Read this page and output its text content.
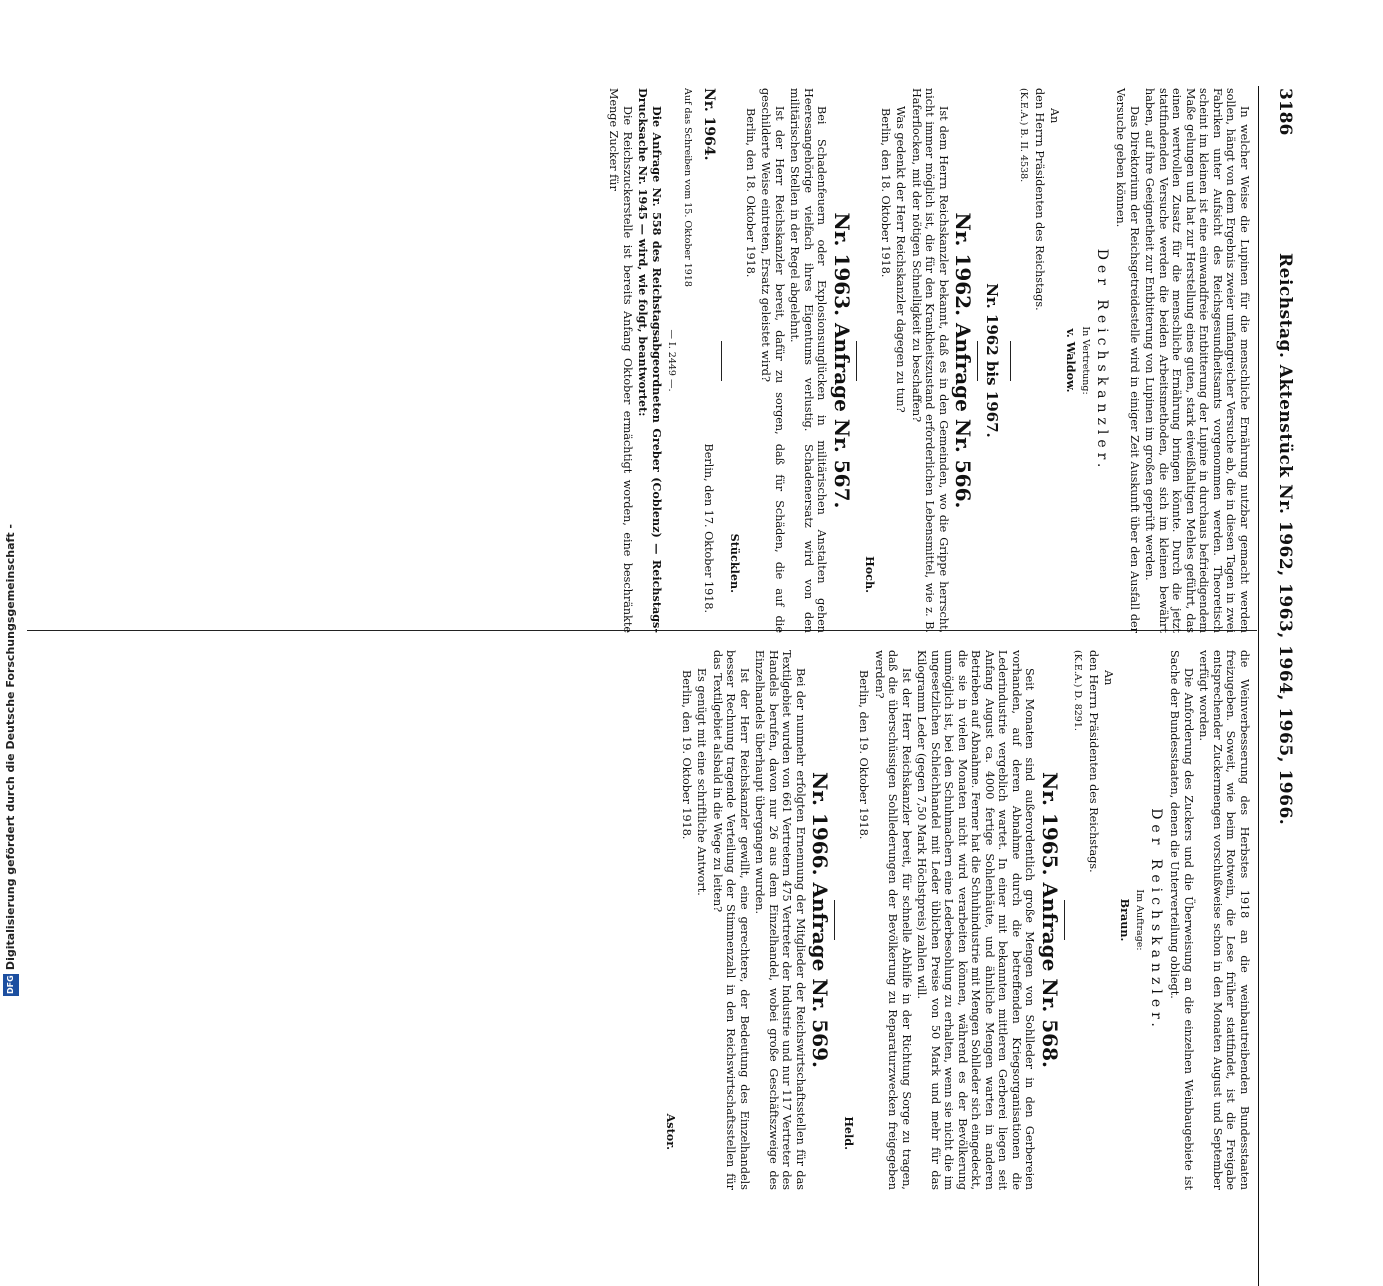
Digitalisierung gefördert durch die Deutsche Forschungsgemeinschaft -
DFG
3186
Reichstag. Aktenstück Nr. 1962, 1963, 1964, 1965, 1966.

In welcher Weise die Lupinen für die menschliche Ernährung nutzbar gemacht werden sollen, hängt von dem Ergebnis zweier umfangreicher Versuche ab, die in diesen Tagen in zwei Fabriken unter Aufsicht des Reichsgesundheitsamts vorgenommen werden. Theoretisch scheint im kleinen ist eine einwandfreie Entbitterung der Lupine in durchaus befriedigendem Maße gelungen und hat zur Herstellung eines guten, stark eiweißhaltigen Mehles geführt, das einen wertvollen Zusatz für die menschliche Ernährung bringen könnte. Durch die jetzt stattfindenden Versuche werden die beiden Arbeitsmethoden, die sich im kleinen bewährt haben, auf ihre Geeignetheit zur Entbitterung von Lupinen im großen geprüft werden.

Das Direktorium der Reichsgetreidestelle wird in einiger Zeit Auskunft über den Ausfall der Versuche geben können.

Der Reichskanzler.

In Vertretung:

v. Waldow.

An

den Herrn Präsidenten des Reichstags.

(K.E.A.) B. II. 4538.

Nr. 1962 bis 1967.
Nr. 1962. Anfrage Nr. 566.

Ist dem Herrn Reichskanzler bekannt, daß es in den Gemeinden, wo die Grippe herrscht, nicht immer möglich ist, die für den Krankheitszustand erforderlichen Lebensmittel, wie z. B. Haferflocken, mit der nötigen Schnelligkeit zu beschaffen?

Was gedenkt der Herr Reichskanzler dagegen zu tun?

Berlin, den 18. Oktober 1918.

Hoch.

Nr. 1963. Anfrage Nr. 567.

Bei Schadenfeuern oder Explosionsunglücken in militärischen Anstalten gehen Heeresangehörige vielfach ihres Eigentums verlustig. Schadenersatz wird von den militärischen Stellen in der Regel abgelehnt.

Ist der Herr Reichskanzler bereit, dafür zu sorgen, daß für Schäden, die auf die geschilderte Weise eintreten, Ersatz geleistet wird?

Berlin, den 18. Oktober 1918.

Stücklen.

Nr. 1964.
Berlin, den 17. Oktober 1918.

Auf das Schreiben vom 15. Oktober 1918

— I. 2449 —.

Die Anfrage Nr. 558 des Reichstagsabgeordneten Greber (Coblenz) — Reichstags-Drucksache Nr. 1945 — wird, wie folgt, beantwortet:

Die Reichszuckerstelle ist bereits Anfang Oktober ermächtigt worden, eine beschränkte Menge Zucker für

die Weinverbesserung des Herbstes 1918 an die weinbautreibenden Bundesstaaten freizugeben. Soweit, wie beim Rotwein, die Lese früher stattfindet, ist die Freigabe entsprechender Zuckermengen vorschußweise schon in den Monaten August und September verfügt worden.

Die Anforderung des Zuckers und die Überweisung an die einzelnen Weinbaugebiete ist Sache der Bundesstaaten, denen die Unterverteilung obliegt.

Der Reichskanzler.

Im Auftrage:

Braun.

An

den Herrn Präsidenten des Reichstags.

(K.E.A.) D. 8291.

Nr. 1965. Anfrage Nr. 568.

Seit Monaten sind außerordentlich große Mengen von Sohlleder in den Gerbereien vorhanden, auf deren Abnahme durch die betreffenden Kriegsorganisationen die Lederindustrie vergeblich wartet. In einer mit bekannten mittleren Gerberei liegen seit Anfang August ca. 4000 fertige Sohlenhäute, und ähnliche Mengen warten in anderen Betrieben auf Abnahme. Ferner hat die Schuhindustrie mit Mengen Sohlleder sich eingedeckt, die sie in vielen Monaten nicht wird verarbeiten können, während es der Bevölkerung unmöglich ist, bei den Schuhmachern eine Lederbesohlung zu erhalten, wenn sie nicht die im ungesetzlichen Schleichhandel mit Leder üblichen Preise von 50 Mark und mehr für das Kilogramm Leder (gegen 7,50 Mark Höchstpreis) zahlen will.

Ist der Herr Reichskanzler bereit, für schnelle Abhilfe in der Richtung Sorge zu tragen, daß die überschüssigen Sohllederungen der Bevölkerung zu Reparaturzwecken freigegeben werden?

Berlin, den 19. Oktober 1918.

Held.

Nr. 1966. Anfrage Nr. 569.

Bei der nunmehr erfolgten Ernennung der Mitglieder der Reichswirtschaftsstellen für das Textilgebiet wurden von 661 Vertretern 475 Vertreter der Industrie und nur 117 Vertreter des Handels berufen, davon nur 26 aus dem Einzelhandel, wobei große Geschäftszweige des Einzelhandels überhaupt übergangen wurden.

Ist der Herr Reichskanzler gewillt, eine gerechtere, der Bedeutung des Einzelhandels besser Rechnung tragende Verteilung der Stimmenzahl in den Reichswirtschaftsstellen für das Textilgebiet alsbald in die Wege zu leiten?

Es genügt mit eine schriftliche Antwort.

Berlin, den 19. Oktober 1918.

Astor.
